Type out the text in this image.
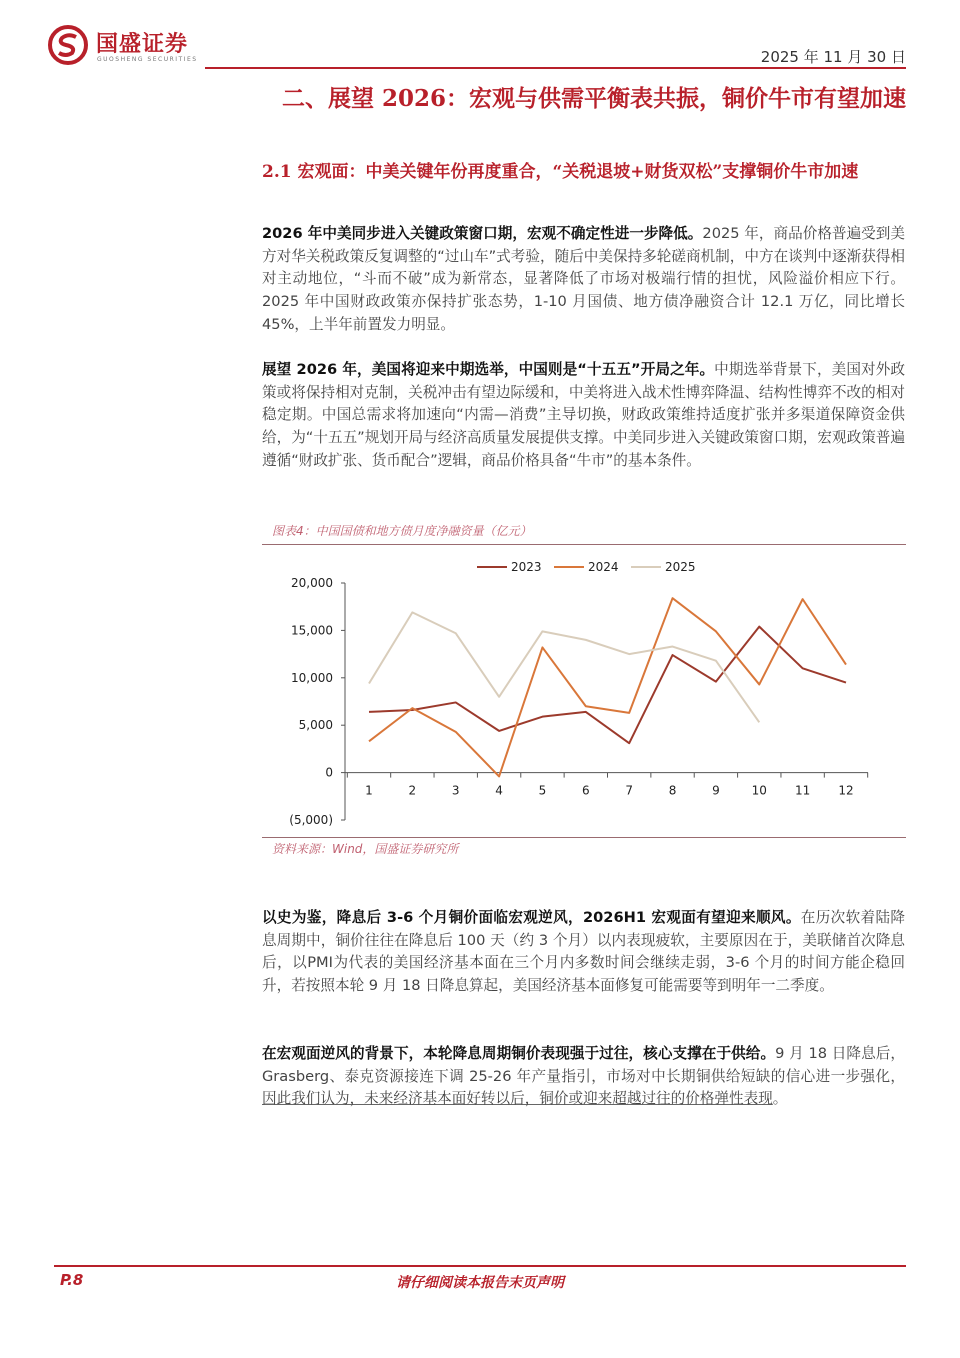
国盛证券
GUOSHENG SECURITIES	2025 年 11 月 30 日
二、展望 2026：宏观与供需平衡表共振，铜价牛市有望加速
2.1 宏观面：中美关键年份再度重合，“关税退坡+财货双松”支撑铜价牛市加速
2026 年中美同步进入关键政策窗口期，宏观不确定性进一步降低。2025 年，商品价格普遍受到美方对华关税政策反复调整的“过山车”式考验，随后中美保持多轮磋商机制，中方在谈判中逐渐获得相对主动地位，“斗而不破”成为新常态，显著降低了市场对极端行情的担忧，风险溢价相应下行。2025 年中国财政政策亦保持扩张态势，1-10 月国债、地方债净融资合计 12.1 万亿，同比增长 45%，上半年前置发力明显。
展望 2026 年，美国将迎来中期选举，中国则是“十五五”开局之年。中期选举背景下，美国对外政策或将保持相对克制，关税冲击有望边际缓和，中美将进入战术性博弈降温、结构性博弈不改的相对稳定期。中国总需求将加速向“内需—消费”主导切换，财政政策维持适度扩张并多渠道保障资金供给，为“十五五”规划开局与经济高质量发展提供支撑。中美同步进入关键政策窗口期，宏观政策普遍遵循“财政扩张、货币配合”逻辑，商品价格具备“牛市”的基本条件。
图表4：中国国债和地方债月度净融资量（亿元）
(5,000)
0
5,000
10,000
15,000
20,000
1	2	3	4	5	6	7	8	9	10 11 12
2023	2024	2025
资料来源：Wind，国盛证券研究所
以史为鉴，降息后 3-6 个月铜价面临宏观逆风，2026H1 宏观面有望迎来顺风。在历次软着陆降息周期中，铜价往往在降息后 100 天（约 3 个月）以内表现疲软，主要原因在于，美联储首次降息后，以PMI为代表的美国经济基本面在三个月内多数时间会继续走弱，3-6 个月的时间方能企稳回升，若按照本轮 9 月 18 日降息算起，美国经济基本面修复可能需要等到明年一二季度。
在宏观面逆风的背景下，本轮降息周期铜价表现强于过往，核心支撑在于供给。9 月 18 日降息后，Grasberg、泰克资源接连下调 25-26 年产量指引，市场对中长期铜供给短缺的信心进一步强化，因此我们认为，未来经济基本面好转以后，铜价或迎来超越过往的价格弹性表现。
P.8	请仔细阅读本报告末页声明
